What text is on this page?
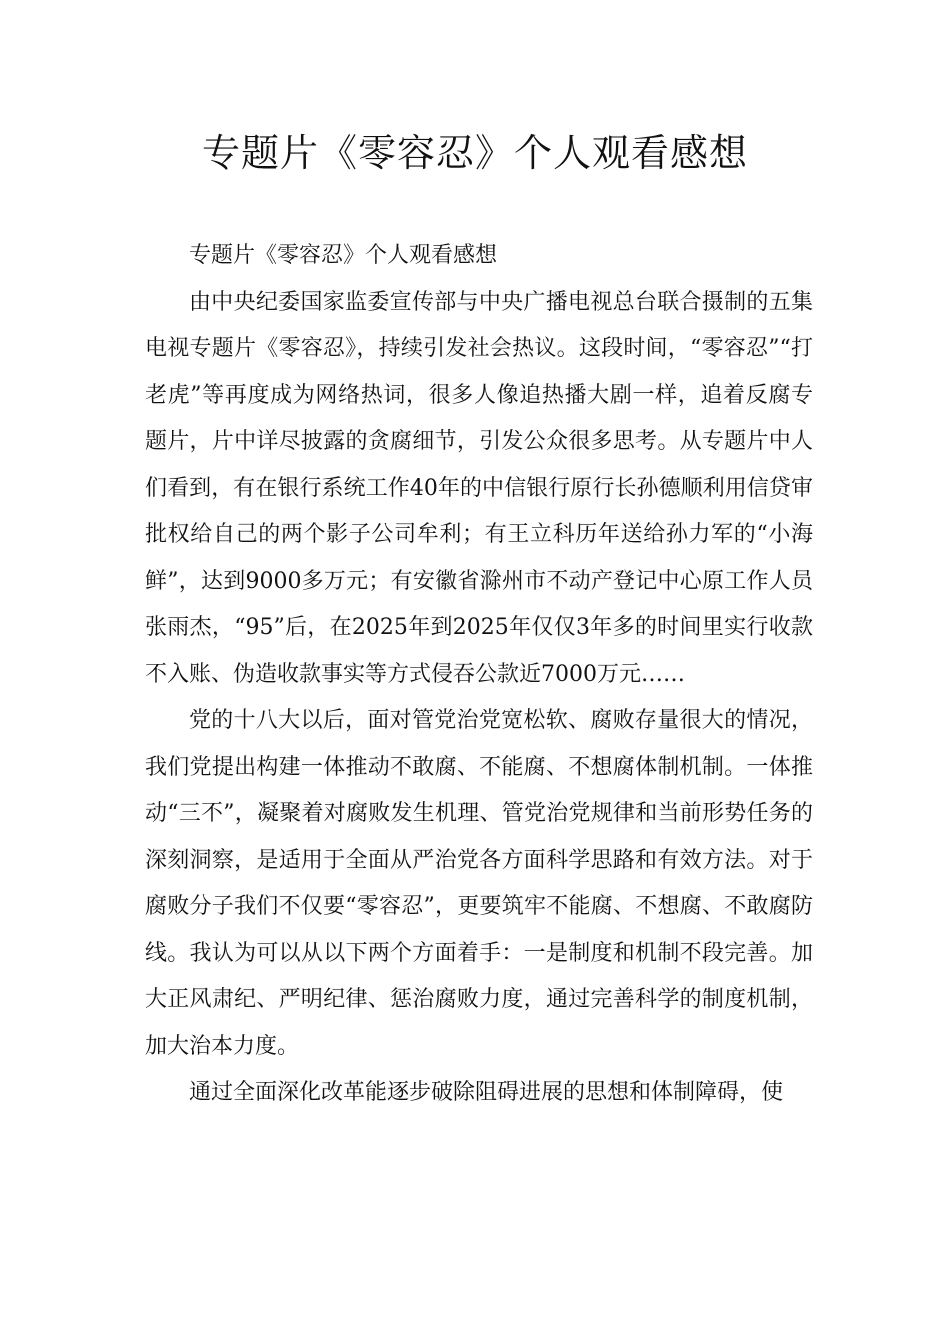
专题片《零容忍》个人观看感想

专题片《零容忍》个人观看感想

由中央纪委国家监委宣传部与中央广播电视总台联合摄制的五集电视专题片《零容忍》，持续引发社会热议。这段时间，“零容忍”“打老虎”等再度成为网络热词，很多人像追热播大剧一样，追着反腐专题片，片中详尽披露的贪腐细节，引发公众很多思考。从专题片中人们看到，有在银行系统工作40年的中信银行原行长孙德顺利用信贷审批权给自己的两个影子公司牟利；有王立科历年送给孙力军的“小海鲜”，达到9000多万元；有安徽省滁州市不动产登记中心原工作人员张雨杰，“95”后，在2025年到2025年仅仅3年多的时间里实行收款不入账、伪造收款事实等方式侵吞公款近7000万元……

党的十八大以后，面对管党治党宽松软、腐败存量很大的情况，我们党提出构建一体推动不敢腐、不能腐、不想腐体制机制。一体推动“三不”，凝聚着对腐败发生机理、管党治党规律和当前形势任务的深刻洞察，是适用于全面从严治党各方面科学思路和有效方法。对于腐败分子我们不仅要“零容忍”，更要筑牢不能腐、不想腐、不敢腐防线。我认为可以从以下两个方面着手：一是制度和机制不段完善。加大正风肃纪、严明纪律、惩治腐败力度，通过完善科学的制度机制，加大治本力度。

通过全面深化改革能逐步破除阻碍进展的思想和体制障碍，使
